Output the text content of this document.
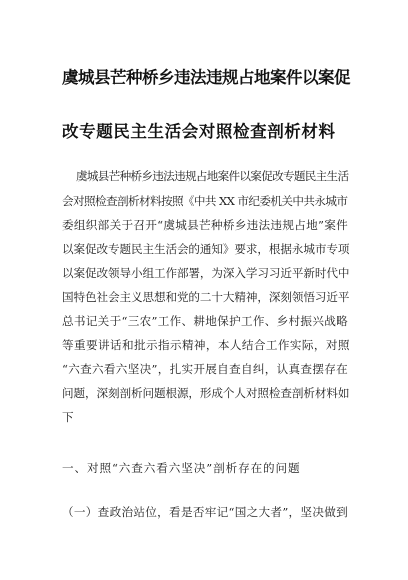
虞城县芒种桥乡违法违规占地案件以案促
改专题民主生活会对照检查剖析材料
虞城县芒种桥乡违法违规占地案件以案促改专题民主生活
会对照检查剖析材料按照《中共 XX 市纪委机关中共永城市
委组织部关于召开“虞城县芒种桥乡违法违规占地”案件
以案促改专题民主生活会的通知》要求，根据永城市专项
以案促改领导小组工作部署，为深入学习习近平新时代中
国特色社会主义思想和党的二十大精神，深刻领悟习近平
总书记关于“三农”工作、耕地保护工作、乡村振兴战略
等重要讲话和批示指示精神，本人结合工作实际，对照
“六查六看六坚决”，扎实开展自查自纠，认真查摆存在
问题，深刻剖析问题根源，形成个人对照检查剖析材料如
下
一、对照“六查六看六坚决”剖析存在的问题
（一）查政治站位，看是否牢记“国之大者”，坚决做到
